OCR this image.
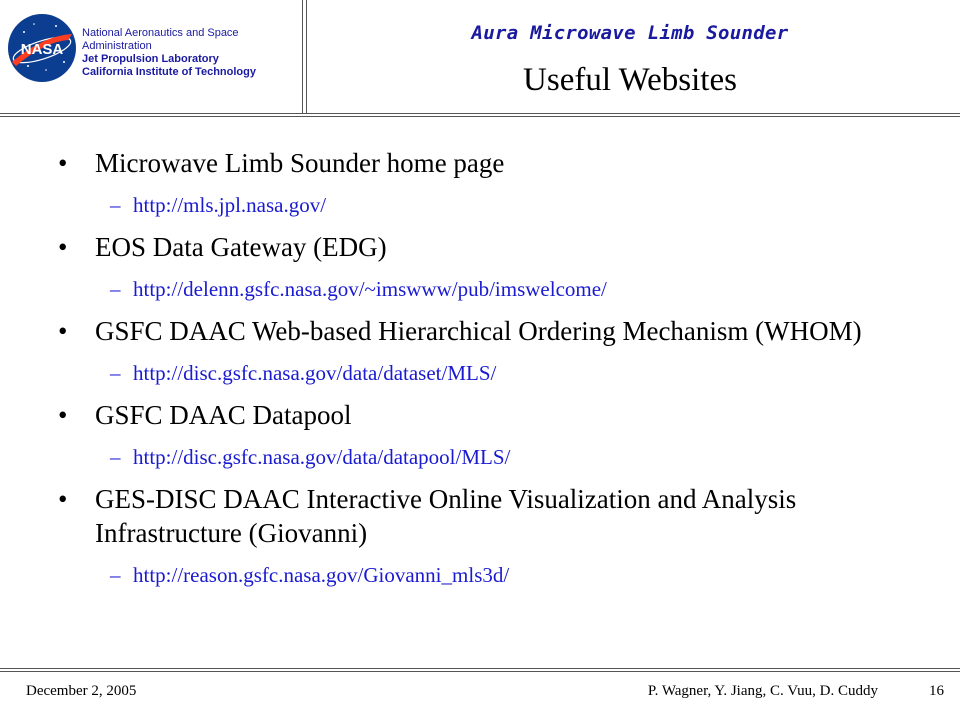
NASA
National Aeronautics and Space
Administration
Jet Propulsion Laboratory
California Institute of Technology
Aura Microwave Limb Sounder
Useful Websites
• Microwave Limb Sounder home page
– http://mls.jpl.nasa.gov/
• EOS Data Gateway (EDG)
– http://delenn.gsfc.nasa.gov/~imswww/pub/imswelcome/
• GSFC DAAC Web-based Hierarchical Ordering Mechanism (WHOM)
– http://disc.gsfc.nasa.gov/data/dataset/MLS/
• GSFC DAAC Datapool
– http://disc.gsfc.nasa.gov/data/datapool/MLS/
• GES-DISC DAAC Interactive Online Visualization and Analysis Infrastructure (Giovanni)
– http://reason.gsfc.nasa.gov/Giovanni_mls3d/
December 2, 2005	P. Wagner, Y. Jiang, C. Vuu, D. Cuddy	16
